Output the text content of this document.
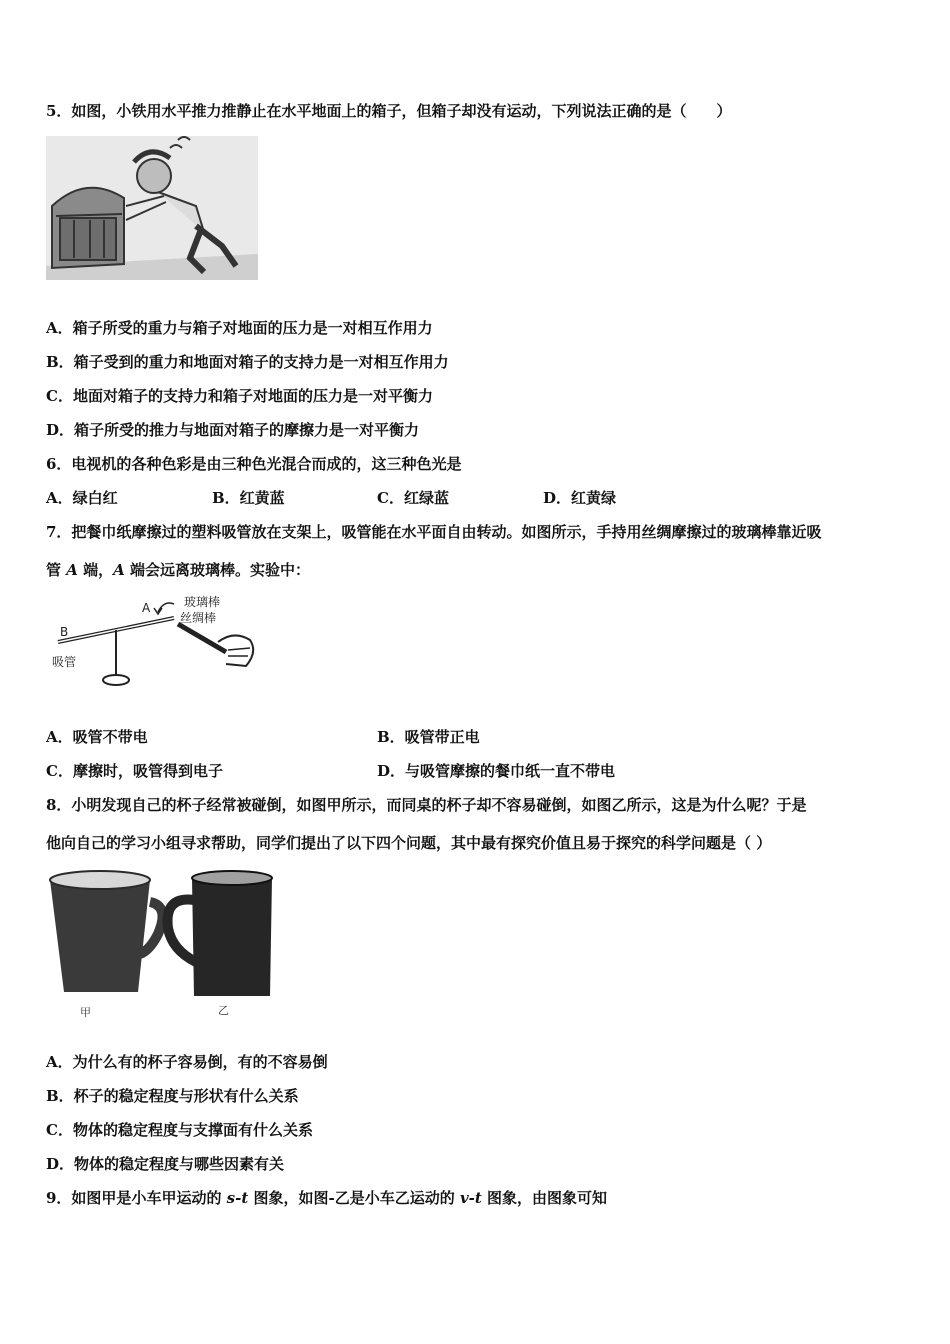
5．如图，小铁用水平推力推静止在水平地面上的箱子，但箱子却没有运动，下列说法正确的是（　　）
A．箱子所受的重力与箱子对地面的压力是一对相互作用力
B．箱子受到的重力和地面对箱子的支持力是一对相互作用力
C．地面对箱子的支持力和箱子对地面的压力是一对平衡力
D．箱子所受的推力与地面对箱子的摩擦力是一对平衡力
6．电视机的各种色彩是由三种色光混合而成的，这三种色光是
A．绿白红	B．红黄蓝	C．红绿蓝	D．红黄绿
7．把餐巾纸摩擦过的塑料吸管放在支架上，吸管能在水平面自由转动。如图所示，手持用丝绸摩擦过的玻璃棒靠近吸
管 A 端，A 端会远离玻璃棒。实验中：
A
B
吸管
玻璃棒
丝绸棒
A．吸管不带电	B．吸管带正电
C．摩擦时，吸管得到电子	D．与吸管摩擦的餐巾纸一直不带电
8．小明发现自己的杯子经常被碰倒，如图甲所示，而同桌的杯子却不容易碰倒，如图乙所示，这是为什么呢？于是
他向自己的学习小组寻求帮助，同学们提出了以下四个问题，其中最有探究价值且易于探究的科学问题是（ ）
甲	乙
A．为什么有的杯子容易倒，有的不容易倒
B．杯子的稳定程度与形状有什么关系
C．物体的稳定程度与支撑面有什么关系
D．物体的稳定程度与哪些因素有关
9．如图甲是小车甲运动的 s-t 图象，如图-乙是小车乙运动的 v-t 图象，由图象可知
